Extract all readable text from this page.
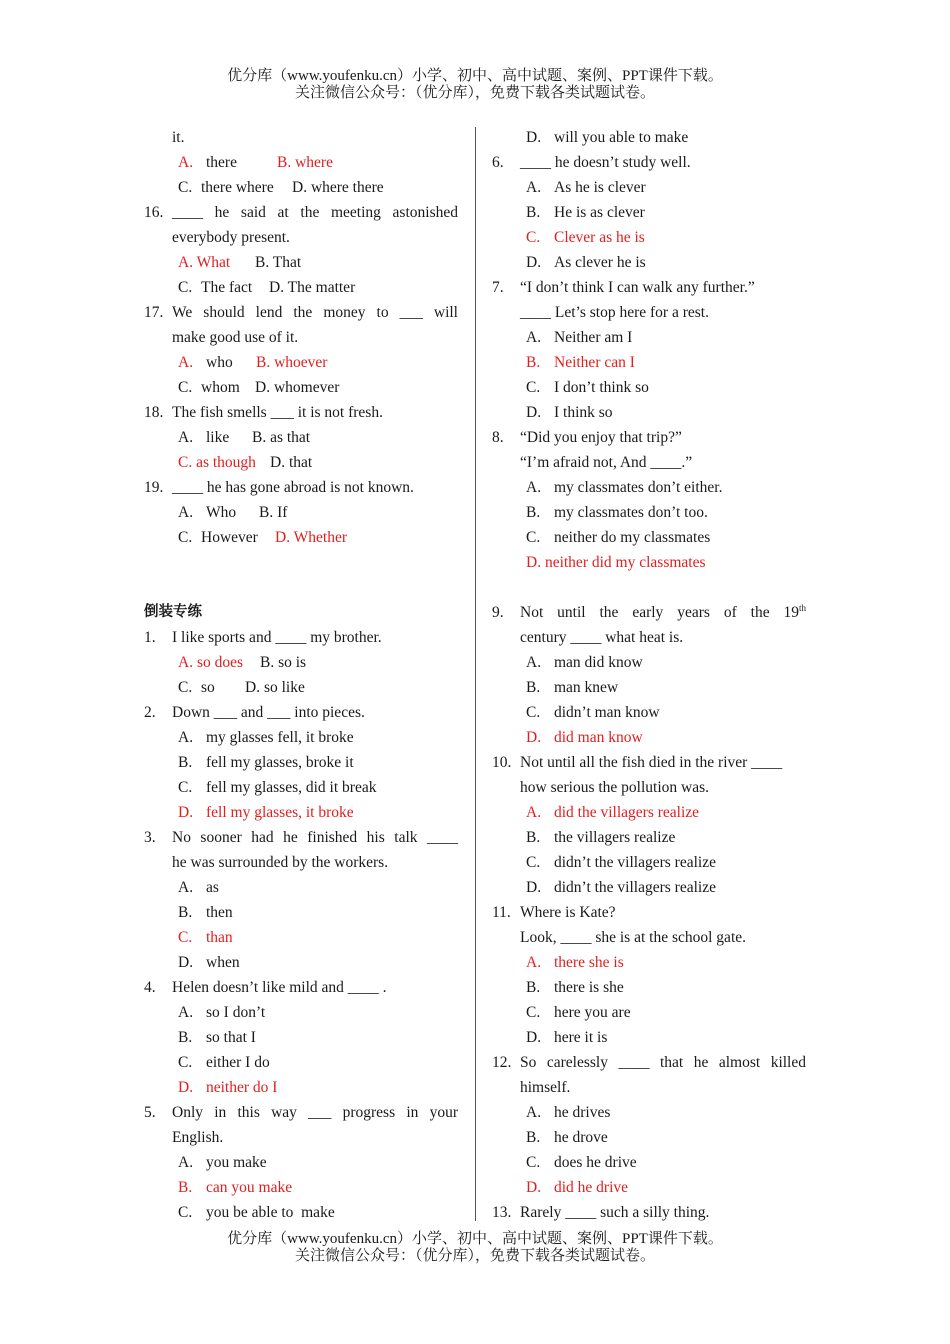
优分库（www.youfenku.cn）小学、初中、高中试题、案例、PPT课件下载。
关注微信公众号：（优分库），免费下载各类试题试卷。
it.
A. there	B. where
C. there where D. where there
16. ____ he said at the meeting astonished
everybody present.
A. What B. That
C. The fact D. The matter
17. We should lend the money to ___ will
make good use of it.
A. who B. whoever
C. whom D. whomever
18. The fish smells ___ it is not fresh.
A. like B. as that
C. as though D. that
19. ____ he has gone abroad is not known.
A. Who B. If
C. However D. Whether
倒装专练
1. I like sports and ____ my brother.
A. so does B. so is
C. so D. so like
2. Down ___ and ___ into pieces.
A. my glasses fell, it broke
B. fell my glasses, broke it
C. fell my glasses, did it break
D. fell my glasses, it broke
3. No sooner had he finished his talk ____
he was surrounded by the workers.
A. as
B. then
C. than
D. when
4. Helen doesn’t like mild and ____ .
A. so I don’t
B. so that I
C. either I do
D. neither do I
5. Only in this way ___ progress in your
English.
A. you make
B. can you make
C. you be able to  make
D. will you able to make
6. ____ he doesn’t study well.
A. As he is clever
B. He is as clever
C. Clever as he is
D. As clever he is
7. “I don’t think I can walk any further.”
____ Let’s stop here for a rest.
A. Neither am I
B. Neither can I
C. I don’t think so
D. I think so
8. “Did you enjoy that trip?”
“I’m afraid not, And ____.”
A. my classmates don’t either.
B. my classmates don’t too.
C. neither do my classmates
D. neither did my classmates
9. Not until the early years of the 19th
century ____ what heat is.
A. man did know
B. man knew
C. didn’t man know
D. did man know
10. Not until all the fish died in the river ____
how serious the pollution was.
A. did the villagers realize
B. the villagers realize
C. didn’t the villagers realize
D. didn’t the villagers realize
11. Where is Kate?
Look, ____ she is at the school gate.
A. there she is
B. there is she
C. here you are
D. here it is
12. So carelessly ____ that he almost killed
himself.
A. he drives
B. he drove
C. does he drive
D. did he drive
13. Rarely ____ such a silly thing.
优分库（www.youfenku.cn）小学、初中、高中试题、案例、PPT课件下载。
关注微信公众号：（优分库），免费下载各类试题试卷。
